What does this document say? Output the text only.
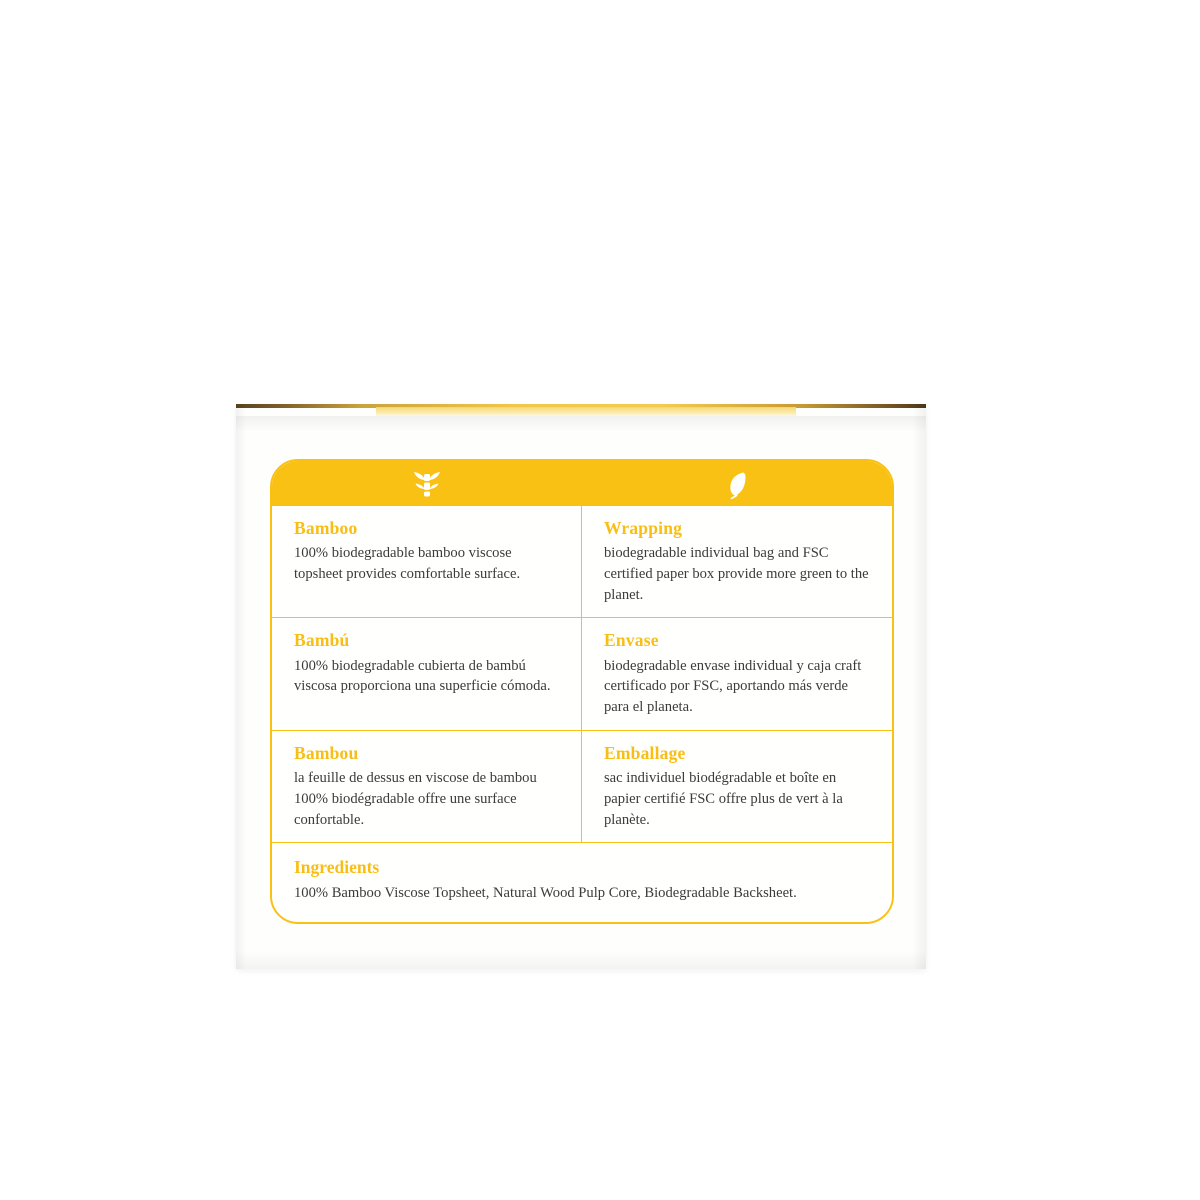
Bamboo

100% biodegradable bamboo viscose topsheet provides comfortable surface.

Wrapping

biodegradable individual bag and FSC certified paper box provide more green to the planet.

Bambú

100% biodegradable cubierta de bambú viscosa proporciona una superficie cómoda.

Envase

biodegradable envase individual y caja craft certificado por FSC, aportando más verde para el planeta.

Bambou

la feuille de dessus en viscose de bambou 100% biodégradable offre une surface confortable.

Emballage

sac individuel biodégradable et boîte en papier certifié FSC offre plus de vert à la planète.

Ingredients

100% Bamboo Viscose Topsheet, Natural Wood Pulp Core, Biodegradable Backsheet.
